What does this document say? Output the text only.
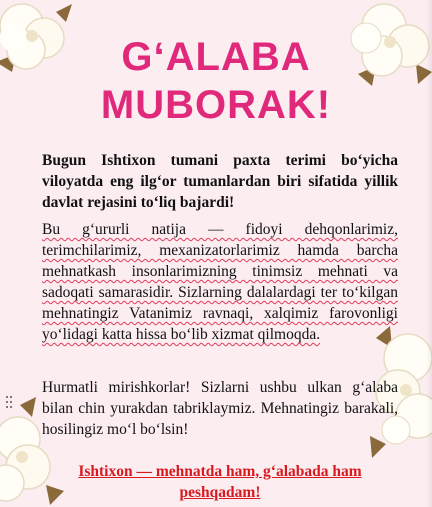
G‘ALABA
MUBORAK!

Bugun Ishtixon tumani paxta terimi bo‘yicha viloyatda eng ilg‘or tumanlardan biri sifatida yillik davlat rejasini to‘liq bajardi!

Bu g‘ururli natija — fidoyi dehqonlarimiz, terimchilarimiz, mexanizatorlarimiz hamda barcha mehnatkash insonlarimizning tinimsiz mehnati va sadoqati samarasidir. Sizlarning dalalardagi ter to‘kilgan mehnatingiz Vatanimiz ravnaqi, xalqimiz farovonligi yo‘lidagi katta hissa bo‘lib xizmat qilmoqda.

Hurmatli mirishkorlar! Sizlarni ushbu ulkan g‘alaba bilan chin yurakdan tabriklaymiz. Mehnatingiz barakali, hosilingiz mo‘l bo‘lsin!

Ishtixon — mehnatda ham, g‘alabada ham peshqadam!
